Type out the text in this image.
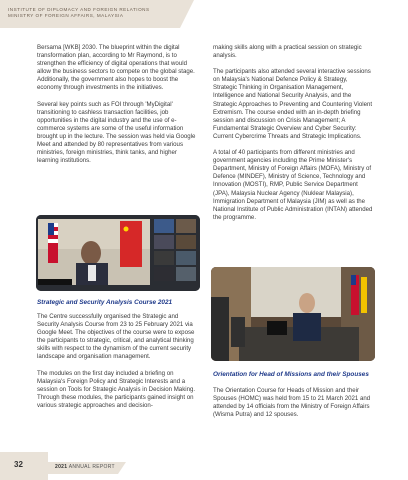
INSTITUTE OF DIPLOMACY AND FOREIGN RELATIONS
MINISTRY OF FOREIGN AFFAIRS, MALAYSIA

Bersama [WKB] 2030. The blueprint within the digital transformation plan, according to Mr Raymond, is to strengthen the efficiency of digital operations that would allow the business sectors to compete on the global stage. Additionally, the government also hopes to boost the economy through investments in the initiatives.

Several key points such as FOI through 'MyDigital' transitioning to cashless transaction facilities, job opportunities in the digital industry and the use of e-commerce systems are some of the useful information brought up in the lecture. The session was held via Google Meet and attended by 80 representatives from various ministries, foreign ministries, think tanks, and higher learning institutions.

Strategic and Security Analysis Course 2021

The Centre successfully organised the Strategic and Security Analysis Course from 23 to 25 February 2021 via Google Meet. The objectives of the course were to expose the participants to strategic, critical, and analytical thinking skills with respect to the dynamism of the current security landscape and organisation management.

The modules on the first day included a briefing on Malaysia's Foreign Policy and Strategic Interests and a session on Tools for Strategic Analysis in Decision Making. Through these modules, the participants gained insight on various strategic approaches and decision-

making skills along with a practical session on strategic analysis.

The participants also attended several interactive sessions on Malaysia's National Defence Policy & Strategy, Strategic Thinking in Organisation Management, Intelligence and National Security Analysis, and the Strategic Approaches to Preventing and Countering Violent Extremism. The course ended with an in-depth briefing session and discussion on Crisis Management; A Fundamental Strategic Overview and Cyber Security: Current Cybercrime Threats and Strategic Implications.

A total of 40 participants from different ministries and government agencies including the Prime Minister's Department, Ministry of Foreign Affairs (MOFA), Ministry of Defence (MINDEF), Ministry of Science, Technology and Innovation (MOSTI), RMP, Public Service Department (JPA), Malaysia Nuclear Agency (Nuklear Malaysia), Immigration Department of Malaysia (JIM) as well as the National Institute of Public Administration (INTAN) attended the programme.

Orientation for Head of Missions and their Spouses

The Orientation Course for Heads of Mission and their Spouses (HOMC) was held from 15 to 21 March 2021 and attended by 14 officials from the Ministry of Foreign Affairs (Wisma Putra) and 12 spouses.

32	2021 ANNUAL REPORT
